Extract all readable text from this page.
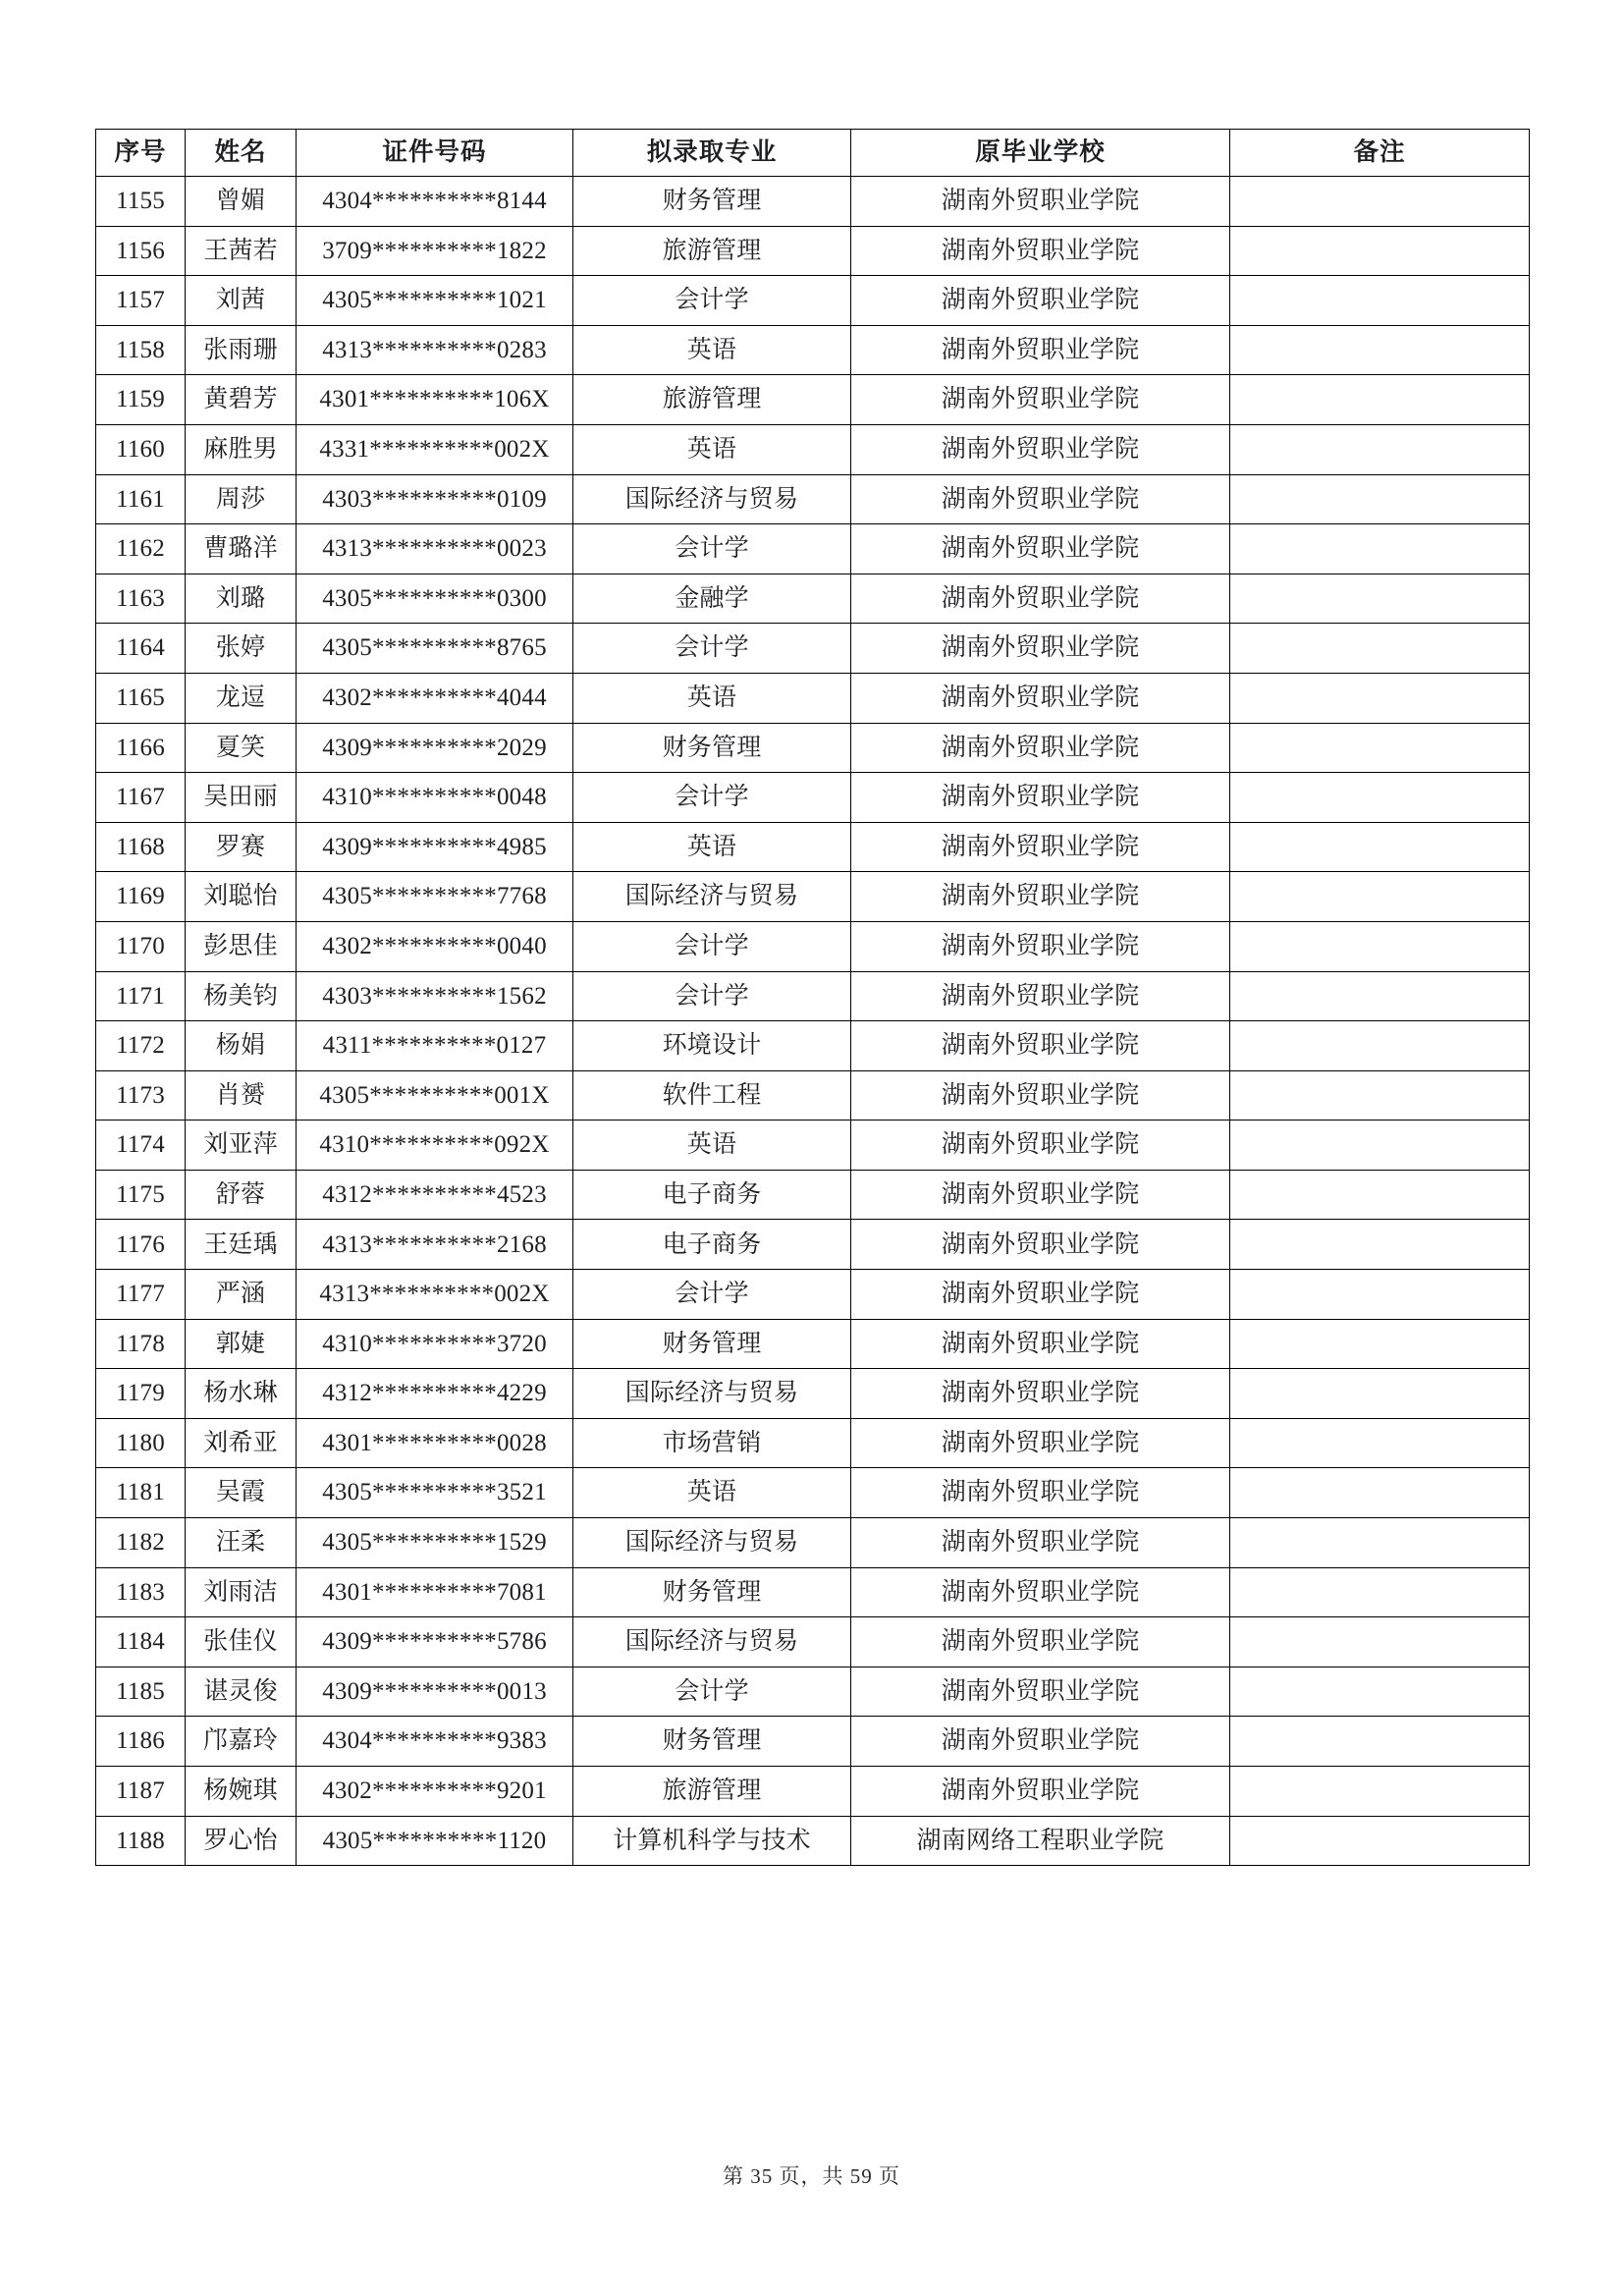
序号	姓名	证件号码	拟录取专业	原毕业学校	备注
1155	曾媚	4304**********8144	财务管理	湖南外贸职业学院	
1156	王茜若	3709**********1822	旅游管理	湖南外贸职业学院	
1157	刘茜	4305**********1021	会计学	湖南外贸职业学院	
1158	张雨珊	4313**********0283	英语	湖南外贸职业学院	
1159	黄碧芳	4301**********106X	旅游管理	湖南外贸职业学院	
1160	麻胜男	4331**********002X	英语	湖南外贸职业学院	
1161	周莎	4303**********0109	国际经济与贸易	湖南外贸职业学院	
1162	曹璐洋	4313**********0023	会计学	湖南外贸职业学院	
1163	刘璐	4305**********0300	金融学	湖南外贸职业学院	
1164	张婷	4305**********8765	会计学	湖南外贸职业学院	
1165	龙逗	4302**********4044	英语	湖南外贸职业学院	
1166	夏笑	4309**********2029	财务管理	湖南外贸职业学院	
1167	吴田丽	4310**********0048	会计学	湖南外贸职业学院	
1168	罗赛	4309**********4985	英语	湖南外贸职业学院	
1169	刘聪怡	4305**********7768	国际经济与贸易	湖南外贸职业学院	
1170	彭思佳	4302**********0040	会计学	湖南外贸职业学院	
1171	杨美钧	4303**********1562	会计学	湖南外贸职业学院	
1172	杨娟	4311**********0127	环境设计	湖南外贸职业学院	
1173	肖赟	4305**********001X	软件工程	湖南外贸职业学院	
1174	刘亚萍	4310**********092X	英语	湖南外贸职业学院	
1175	舒蓉	4312**********4523	电子商务	湖南外贸职业学院	
1176	王廷瑀	4313**********2168	电子商务	湖南外贸职业学院	
1177	严涵	4313**********002X	会计学	湖南外贸职业学院	
1178	郭婕	4310**********3720	财务管理	湖南外贸职业学院	
1179	杨水琳	4312**********4229	国际经济与贸易	湖南外贸职业学院	
1180	刘希亚	4301**********0028	市场营销	湖南外贸职业学院	
1181	吴霞	4305**********3521	英语	湖南外贸职业学院	
1182	汪柔	4305**********1529	国际经济与贸易	湖南外贸职业学院	
1183	刘雨洁	4301**********7081	财务管理	湖南外贸职业学院	
1184	张佳仪	4309**********5786	国际经济与贸易	湖南外贸职业学院	
1185	谌灵俊	4309**********0013	会计学	湖南外贸职业学院	
1186	邝嘉玲	4304**********9383	财务管理	湖南外贸职业学院	
1187	杨婉琪	4302**********9201	旅游管理	湖南外贸职业学院	
1188	罗心怡	4305**********1120	计算机科学与技术	湖南网络工程职业学院	
第 35 页，共 59 页
